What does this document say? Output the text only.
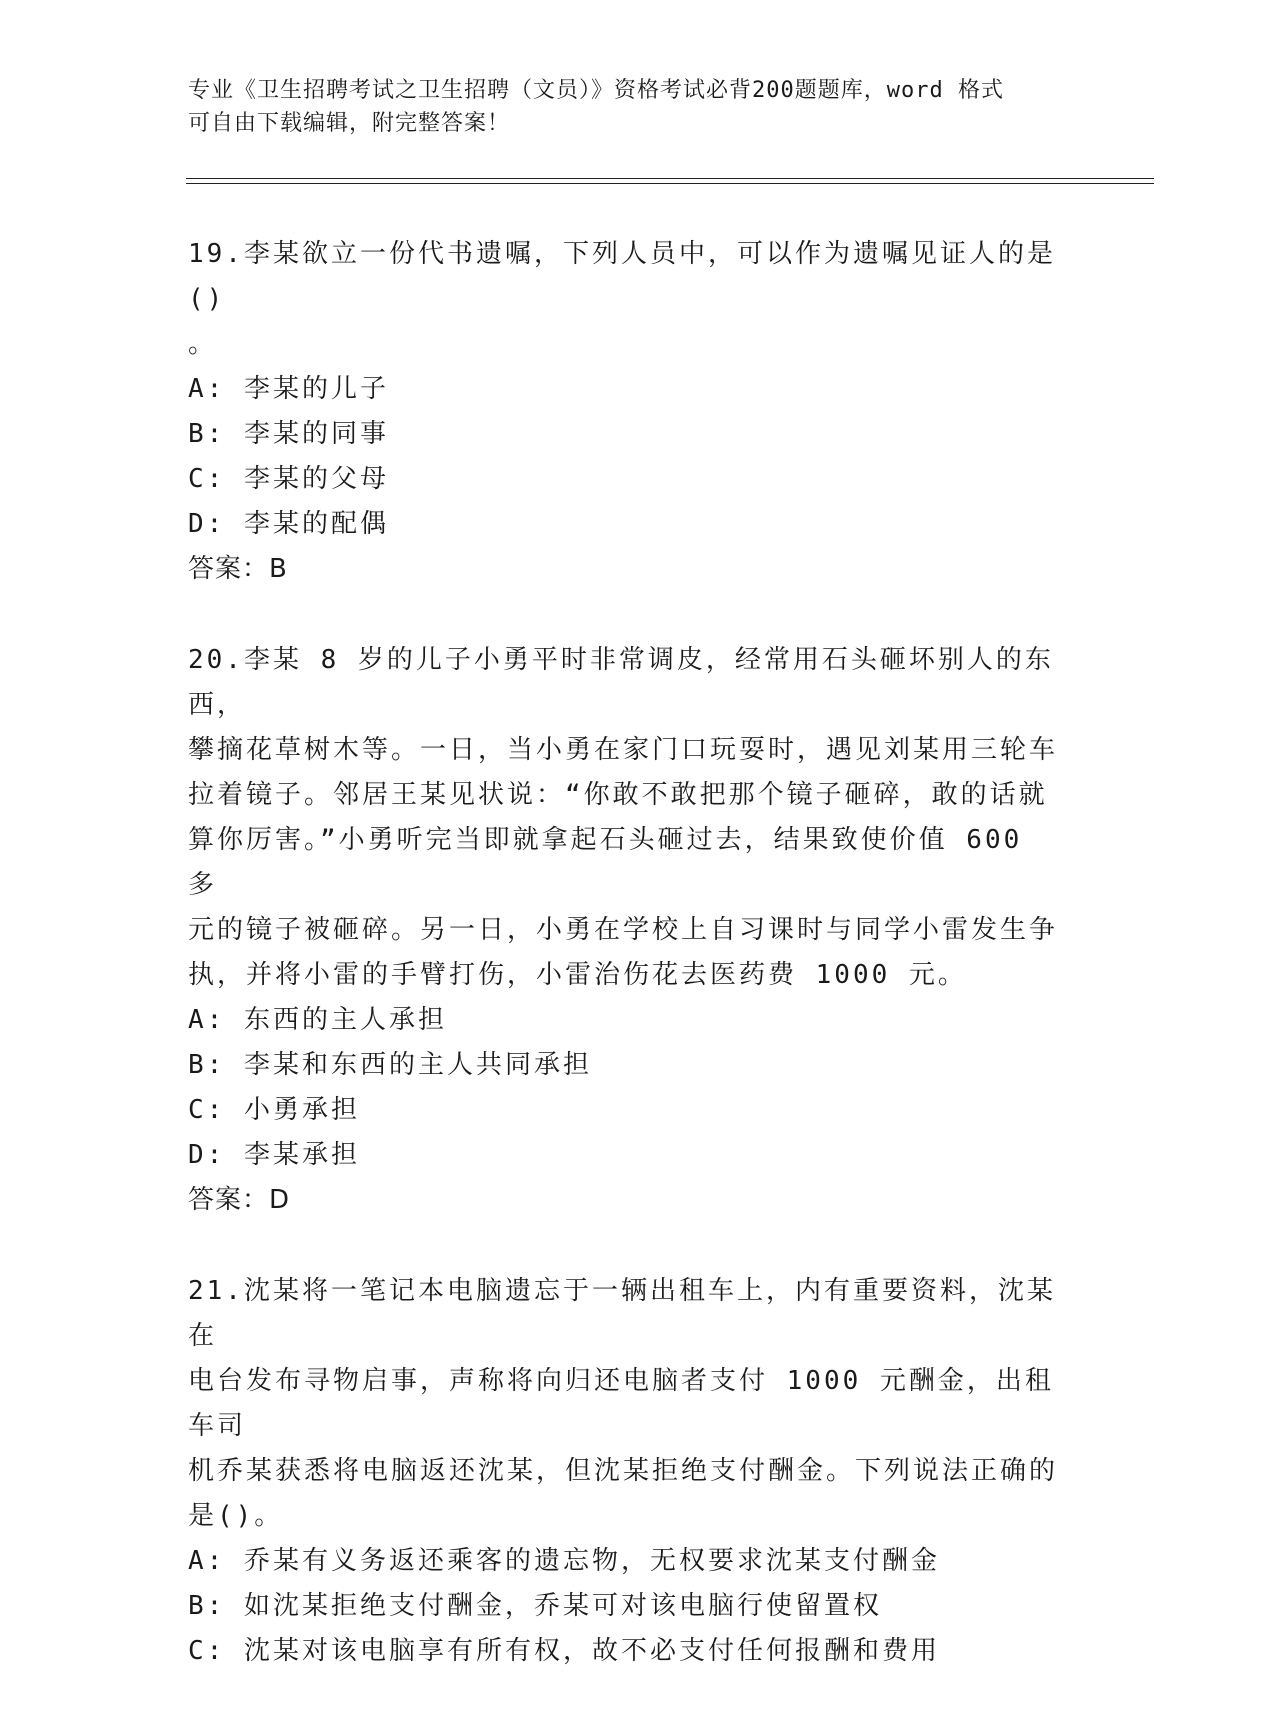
专业《卫生招聘考试之卫生招聘（文员）》资格考试必背200题题库，word 格式
可自由下载编辑，附完整答案！

19.李某欲立一份代书遗嘱，下列人员中，可以作为遗嘱见证人的是()

。

A: 李某的儿子

B: 李某的同事

C: 李某的父母

D: 李某的配偶

答案：B

20.李某 8 岁的儿子小勇平时非常调皮，经常用石头砸坏别人的东西，

攀摘花草树木等。一日，当小勇在家门口玩耍时，遇见刘某用三轮车

拉着镜子。邻居王某见状说：“你敢不敢把那个镜子砸碎，敢的话就

算你厉害。”小勇听完当即就拿起石头砸过去，结果致使价值 600 多

元的镜子被砸碎。另一日，小勇在学校上自习课时与同学小雷发生争

执，并将小雷的手臂打伤，小雷治伤花去医药费 1000 元。

A: 东西的主人承担

B: 李某和东西的主人共同承担

C: 小勇承担

D: 李某承担

答案：D

21.沈某将一笔记本电脑遗忘于一辆出租车上，内有重要资料，沈某在

电台发布寻物启事，声称将向归还电脑者支付 1000 元酬金，出租车司

机乔某获悉将电脑返还沈某，但沈某拒绝支付酬金。下列说法正确的

是()。

A: 乔某有义务返还乘客的遗忘物，无权要求沈某支付酬金

B: 如沈某拒绝支付酬金，乔某可对该电脑行使留置权

C: 沈某对该电脑享有所有权，故不必支付任何报酬和费用
